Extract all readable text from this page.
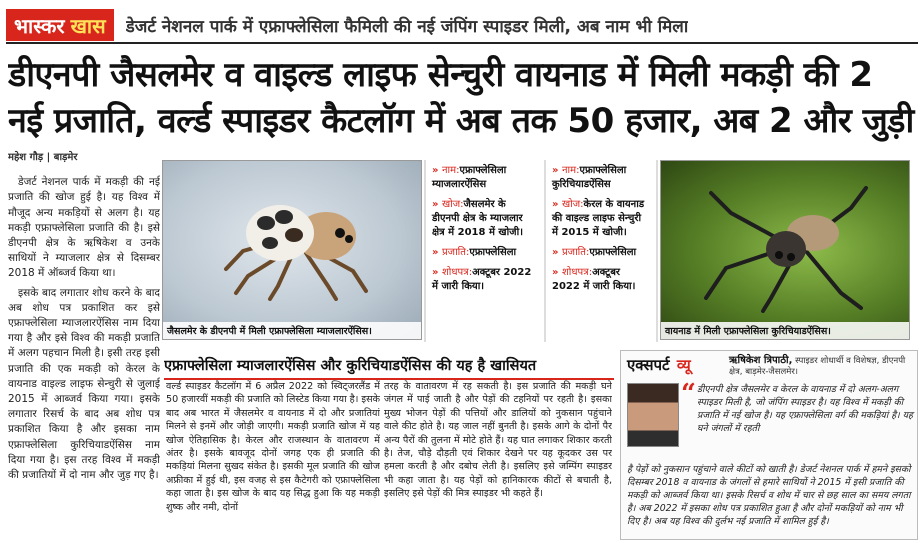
भास्कर खास डेजर्ट नेशनल पार्क में एफ्राफ्लेसिला फैमिली की नई जंपिंग स्पाइडर मिली, अब नाम भी मिला
डीएनपी जैसलमेर व वाइल्ड लाइफ सेन्चुरी वायनाड में मिली मकड़ी की 2
नई प्रजाति, वर्ल्ड स्पाइडर कैटलॉग में अब तक 50 हजार, अब 2 और जुड़ी
महेश गौड़ | बाड़मेर

डेजर्ट नेशनल पार्क में मकड़ी की नई प्रजाति की खोज हुई है। यह विश्व में मौजूद अन्य मकड़ियों से अलग है। यह मकड़ी एफ्राफ्लेसिला प्रजाति की है। इसे डीएनपी क्षेत्र के ऋषिकेश व उनके साथियों ने म्याजलार क्षेत्र से दिसम्बर 2018 में ऑब्जर्व किया था।

इसके बाद लगातार शोध करने के बाद अब शोध पत्र प्रकाशित कर इसे एफ्राफ्लेसिला म्याजलारऐंसिस नाम दिया गया है और इसे विश्व की मकड़ी प्रजाति में अलग पहचान मिली है। इसी तरह इसी प्रजाति की एक मकड़ी को केरल के वायनाड वाइल्ड लाइफ सेन्चुरी से जुलाई 2015 में आब्जर्व किया गया। इसके लगातार रिसर्च के बाद अब शोध पत्र प्रकाशित किया है और इसका नाम एफ्राफ्लेसिला कुरिचियाडऐंसिस नाम दिया गया है। इस तरह विश्व में मकड़ी की प्रजातियों में दो नाम और जुड़ गए है।

जैसलमेर के डीएनपी में मिली एफ्राफ्लेसिला म्याजलारऐंसिस।
» नाम:एफ्राफ्लेसिला म्याजलारऐंसिस
» खोज:जैसलमेर के डीएनपी क्षेत्र के म्याजलार क्षेत्र में 2018 में खोजी।
» प्रजाति:एफ्राफ्लेसिला
» शोधपत्र:अक्टूबर 2022 में जारी किया।
» नाम:एफ्राफ्लेसिला कुरिचियाडऐंसिस
» खोज:केरल के वायनाड की वाइल्ड लाइफ सेन्चुरी में 2015 में खोजी।
» प्रजाति:एफ्राफ्लेसिला
» शोधपत्र:अक्टूबर 2022 में जारी किया।
वायनाड में मिली एफ्राफ्लेसिला कुरिचियाडऐंसिस।
एफ्राफ्लेसिला म्याजलारऐंसिस और कुरिचियाडऐंसिस की यह है खासियत
वर्ल्ड स्पाइडर कैटलॉग में 6 अप्रैल 2022 को स्विट्जरलैंड में 50 हजारवीं मकड़ी की प्रजाति को लिस्टेड किया गया है। इसके बाद अब भारत में जैसलमेर व वायनाड में दो और प्रजातियां मिलने से इनमें और जोड़ी जाएगी। मकड़ी प्रजाति खोज में यह खोज ऐतिहासिक है। केरल और राजस्थान के वातावरण में अंतर है। इसके बावजूद दोनों जगह एक ही प्रजाति की मकड़ियां मिलना सुखद संकेत है। इसकी मूल प्रजाति की खोज अफ्रीका में हुई थी, इस वजह से इस कैटेगरी को एफ्राफ्लेसिला कहा जाता है। इस खोज के बाद यह सिद्ध हुआ कि यह मकड़ी शुष्क और नमी, दोनों
तरह के वातावरण में रह सकती है। इस प्रजाति की मकड़ी घने जंगल में पाई जाती है और पेड़ों की टहनियों पर रहती है। इसका मुख्य भोजन पेड़ों की पत्तियों और डालियों को नुकसान पहुंचाने वाले कीट होते है। यह जाल नहीं बुनती है। इसके आगे के दोनों पैर अन्य पैरों की तुलना में मोटे होते हैं। यह घात लगाकर शिकार करती है। तेज, चौड़े दौड़ती एवं शिकार देखने पर यह कूदकर उस पर हमला करती है और दबोच लेती है। इसलिए इसे जम्पिंग स्पाइडर भी कहा जाता है। यह पेड़ों को हानिकारक कीटों से बचाती है, इसलिए इसे पेड़ों की मित्र स्पाइडर भी कहते हैं।
एक्सपर्ट व्यू	ऋषिकेश त्रिपाठी, स्पाइडर शोधार्थी व विशेषज्ञ, डीएनपी क्षेत्र, बाड़मेर-जैसलमेर।
“ डीएनपी क्षेत्र जैसलमेर व केरल के वायनाड में दो अलग-अलग स्पाइडर मिली है, जो जंपिंग स्पाइडर है। यह विश्व में मकड़ी की प्रजाति में नई खोज है। यह एफ्राफ्लेसिला वर्ग की मकड़ियां है। यह घने जंगलों में रहती
है पेड़ों को नुकसान पहुंचाने वाले कीटों को खाती है। डेजर्ट नेशनल पार्क में हमने इसको दिसम्बर 2018 व वायनाड के जंगलों से हमारे साथियों ने 2015 में इसी प्रजाति की मकड़ी को आब्जर्व किया था। इसके रिसर्च व शोध में चार से छह साल का समय लगता है। अब 2022 में इसका शोध पत्र प्रकाशित हुआ है और दोनों मकड़ियों को नाम भी दिए है। अब यह विश्व की दुर्लभ नई प्रजाति में शामिल हुई है।
